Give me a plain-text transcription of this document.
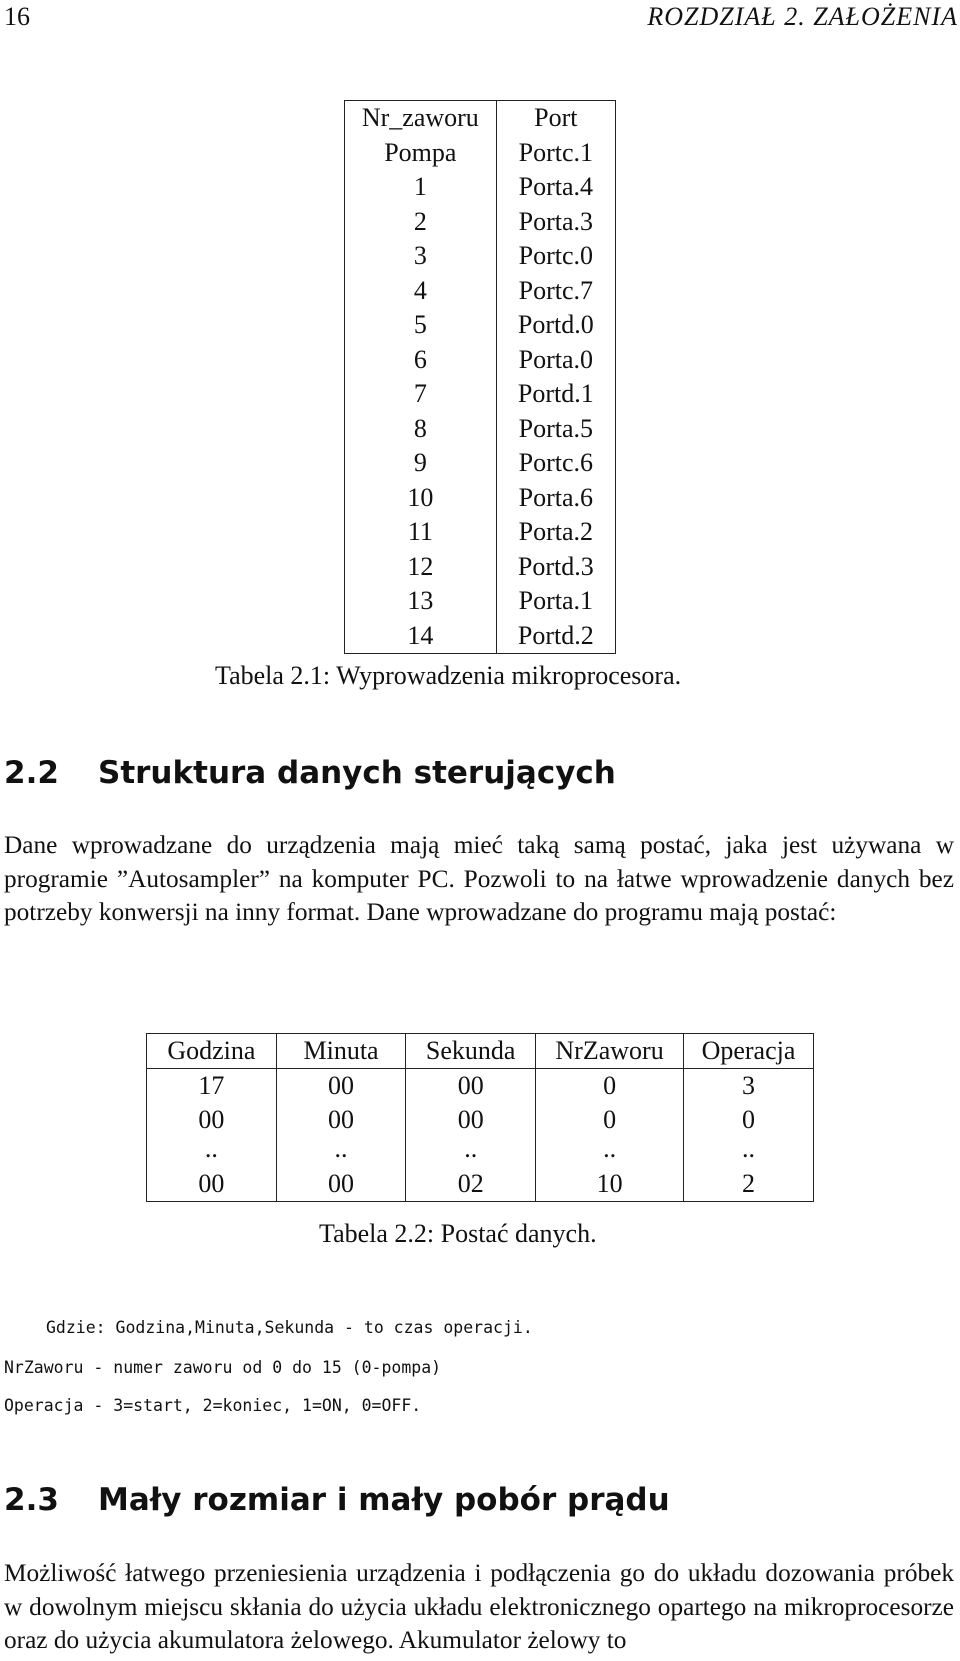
16	ROZDZIAŁ 2. ZAŁOŻENIA
Nr_zaworu	Port
Pompa	Portc.1
1	Porta.4
2	Porta.3
3	Portc.0
4	Portc.7
5	Portd.0
6	Porta.0
7	Portd.1
8	Porta.5
9	Portc.6
10	Porta.6
11	Porta.2
12	Portd.3
13	Porta.1
14	Portd.2
Tabela 2.1: Wyprowadzenia mikroprocesora.
2.2 Struktura danych sterujących
Dane wprowadzane do urządzenia mają mieć taką samą postać, jaka jest używana w programie ”Autosampler” na komputer PC. Pozwoli to na łatwe wprowadzenie danych bez potrzeby konwersji na inny format. Dane wprowadzane do programu mają postać:
Godzina	Minuta	Sekunda	NrZaworu	Operacja
17	00	00	0	3
00	00	00	0	0
..	..	..	..	..
00	00	02	10	2
Tabela 2.2: Postać danych.
Gdzie: Godzina,Minuta,Sekunda - to czas operacji.
NrZaworu - numer zaworu od 0 do 15 (0-pompa)
Operacja - 3=start, 2=koniec, 1=ON, 0=OFF.
2.3 Mały rozmiar i mały pobór prądu
Możliwość łatwego przeniesienia urządzenia i podłączenia go do układu dozowania próbek w dowolnym miejscu skłania do użycia układu elektronicznego opartego na mikroprocesorze oraz do użycia akumulatora żelowego. Akumulator żelowy to
